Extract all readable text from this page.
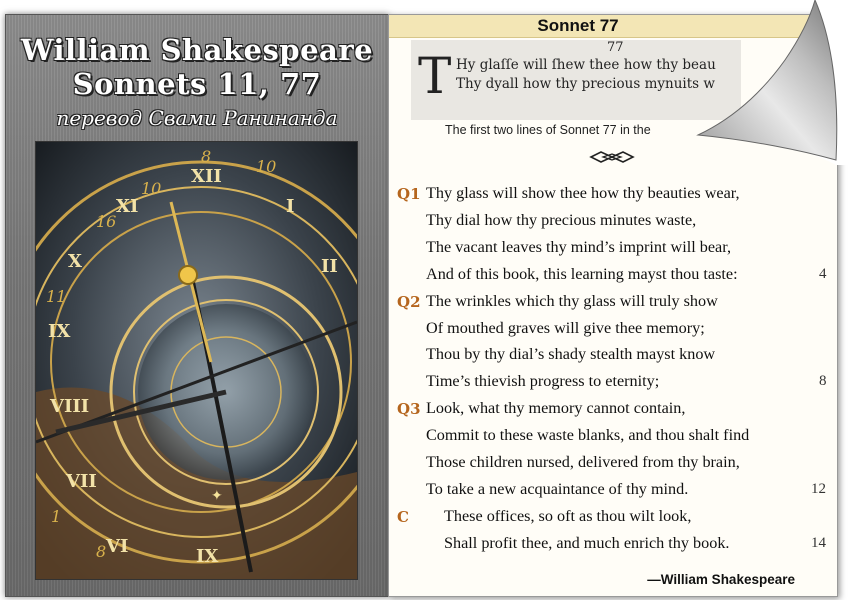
William Shakespeare
Sonnets 11, 77
перевод Свами Ранинанда
XII
XI
X
IX
VIII
VII
I
II
VI	IX
10
8
10
16
11
1
8
✦
Sonnet 77
77
T Hy glaſſe will ſhew thee how thy beau
Thy dyall how thy precious mynuits w
The first two lines of Sonnet 77 in the
Q1 Thy glass will show thee how thy beauties wear,
Thy dial how thy precious minutes waste,
The vacant leaves thy mind’s imprint will bear,
And of this book, this learning mayst thou taste:	4
Q2 The wrinkles which thy glass will truly show
Of mouthed graves will give thee memory;
Thou by thy dial’s shady stealth mayst know
Time’s thievish progress to eternity;	8
Q3 Look, what thy memory cannot contain,
Commit to these waste blanks, and thou shalt find
Those children nursed, delivered from thy brain,
To take a new acquaintance of thy mind.	12
C These offices, so oft as thou wilt look,
Shall profit thee, and much enrich thy book.	14
—William Shakespeare
